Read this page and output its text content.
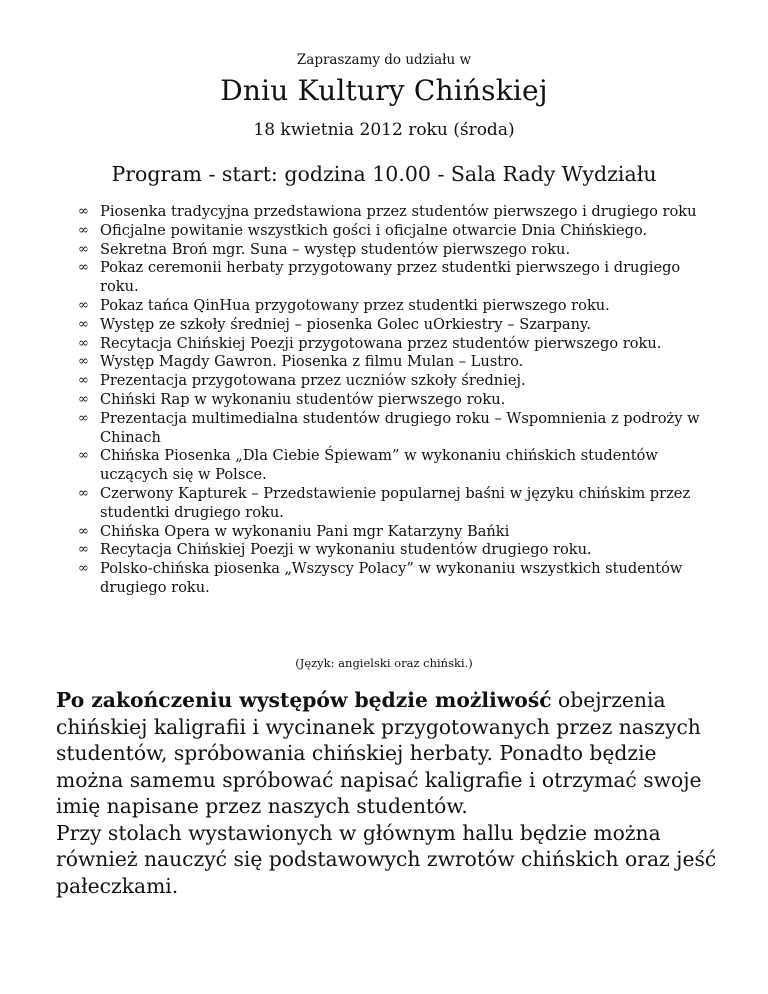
Zapraszamy do udziału w
Dniu Kultury Chińskiej
18 kwietnia 2012 roku (środa)
Program - start: godzina 10.00 - Sala Rady Wydziału
∞ Piosenka tradycyjna przedstawiona przez studentów pierwszego i drugiego roku
∞ Oficjalne powitanie wszystkich gości i oficjalne otwarcie Dnia Chińskiego.
∞ Sekretna Broń mgr. Suna – występ studentów pierwszego roku.
∞ Pokaz ceremonii herbaty przygotowany przez studentki pierwszego i drugiego roku.
∞ Pokaz tańca QinHua przygotowany przez studentki pierwszego roku.
∞ Występ ze szkoły średniej – piosenka Golec uOrkiestry – Szarpany.
∞ Recytacja Chińskiej Poezji przygotowana przez studentów pierwszego roku.
∞ Występ Magdy Gawron. Piosenka z filmu Mulan – Lustro.
∞ Prezentacja przygotowana przez uczniów szkoły średniej.
∞ Chiński Rap w wykonaniu studentów pierwszego roku.
∞ Prezentacja multimedialna studentów drugiego roku – Wspomnienia z podroży w Chinach
∞ Chińska Piosenka „Dla Ciebie Śpiewam” w wykonaniu chińskich studentów uczących się w Polsce.
∞ Czerwony Kapturek – Przedstawienie popularnej baśni w języku chińskim przez studentki drugiego roku.
∞ Chińska Opera w wykonaniu Pani mgr Katarzyny Bańki
∞ Recytacja Chińskiej Poezji w wykonaniu studentów drugiego roku.
∞ Polsko-chińska piosenka „Wszyscy Polacy” w wykonaniu wszystkich studentów drugiego roku.
(Język: angielski oraz chiński.)

Po zakończeniu występów będzie możliwość obejrzenia chińskiej kaligrafii i wycinanek przygotowanych przez naszych studentów, spróbowania chińskiej herbaty. Ponadto będzie można samemu spróbować napisać kaligrafie i otrzymać swoje imię napisane przez naszych studentów.

Przy stolach wystawionych w głównym hallu będzie można również nauczyć się podstawowych zwrotów chińskich oraz jeść pałeczkami.
